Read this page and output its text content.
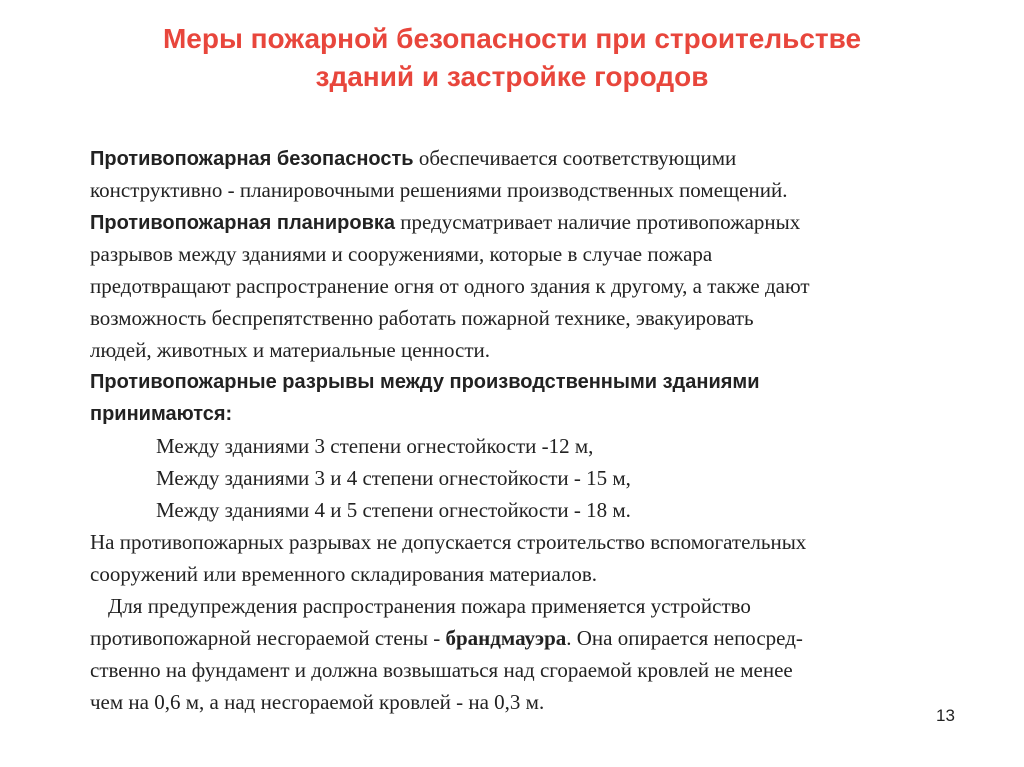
Меры пожарной безопасности при строительстве
зданий и застройке городов
Противопожарная безопасность обеспечивается соответствующими
конструктивно - планировочными решениями производственных помещений.
Противопожарная планировка предусматривает наличие противопожарных
разрывов между зданиями и сооружениями, которые в случае пожара
предотвращают распространение огня от одного здания к другому, а также дают
возможность беспрепятственно работать пожарной технике, эвакуировать
людей, животных и материальные ценности.
Противопожарные разрывы между производственными зданиями
принимаются:
Между зданиями 3 степени огнестойкости -12 м,
Между зданиями 3 и 4 степени огнестойкости - 15 м,
Между зданиями 4 и 5 степени огнестойкости - 18 м.
На противопожарных разрывах не допускается строительство вспомогательных
сооружений или временного складирования материалов.
Для предупреждения распространения пожара применяется устройство
противопожарной несгораемой стены - брандмауэра. Она опирается непосред-
ственно на фундамент и должна возвышаться над сгораемой кровлей не менее
чем на 0,6 м, а над несгораемой кровлей - на 0,3 м.
13
